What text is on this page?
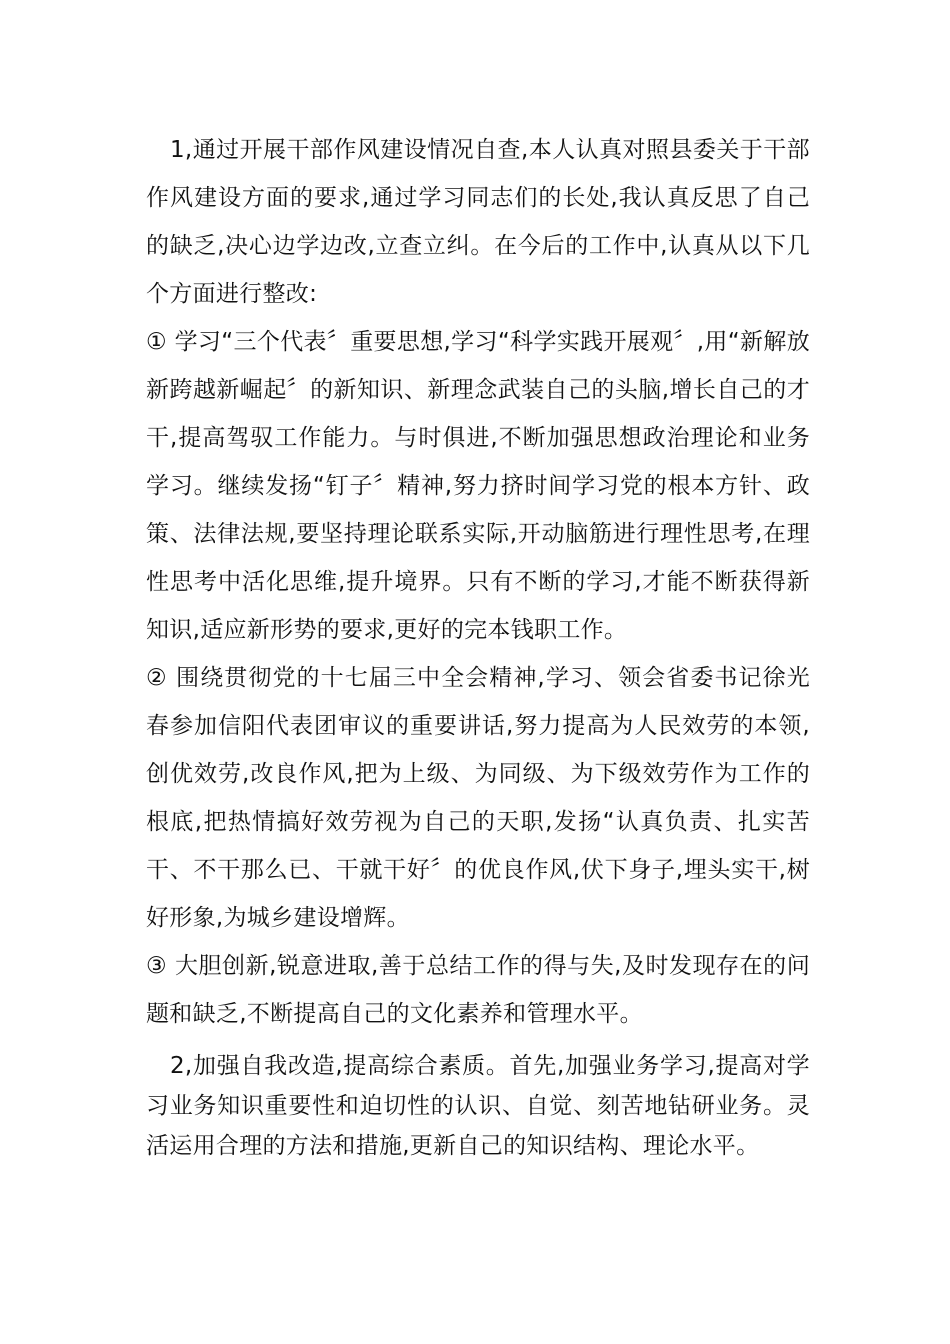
1,通过开展干部作风建设情况自查,本人认真对照县委关于干部作风建设方面的要求,通过学习同志们的长处,我认真反思了自己的缺乏,决心边学边改,立查立纠。在今后的工作中,认真从以下几个方面进行整改:

① 学习“三个代表〞重要思想,学习“科学实践开展观〞,用“新解放新跨越新崛起〞的新知识、新理念武装自己的头脑,增长自己的才干,提高驾驭工作能力。与时俱进,不断加强思想政治理论和业务学习。继续发扬“钉子〞精神,努力挤时间学习党的根本方针、政策、法律法规,要坚持理论联系实际,开动脑筋进行理性思考,在理性思考中活化思维,提升境界。只有不断的学习,才能不断获得新知识,适应新形势的要求,更好的完本钱职工作。

② 围绕贯彻党的十七届三中全会精神,学习、领会省委书记徐光春参加信阳代表团审议的重要讲话,努力提高为人民效劳的本领,创优效劳,改良作风,把为上级、为同级、为下级效劳作为工作的根底,把热情搞好效劳视为自己的天职,发扬“认真负责、扎实苦干、不干那么已、干就干好〞的优良作风,伏下身子,埋头实干,树好形象,为城乡建设增辉。

③ 大胆创新,锐意进取,善于总结工作的得与失,及时发现存在的问题和缺乏,不断提高自己的文化素养和管理水平。

2,加强自我改造,提高综合素质。首先,加强业务学习,提高对学习业务知识重要性和迫切性的认识、自觉、刻苦地钻研业务。灵活运用合理的方法和措施,更新自己的知识结构、理论水平。
